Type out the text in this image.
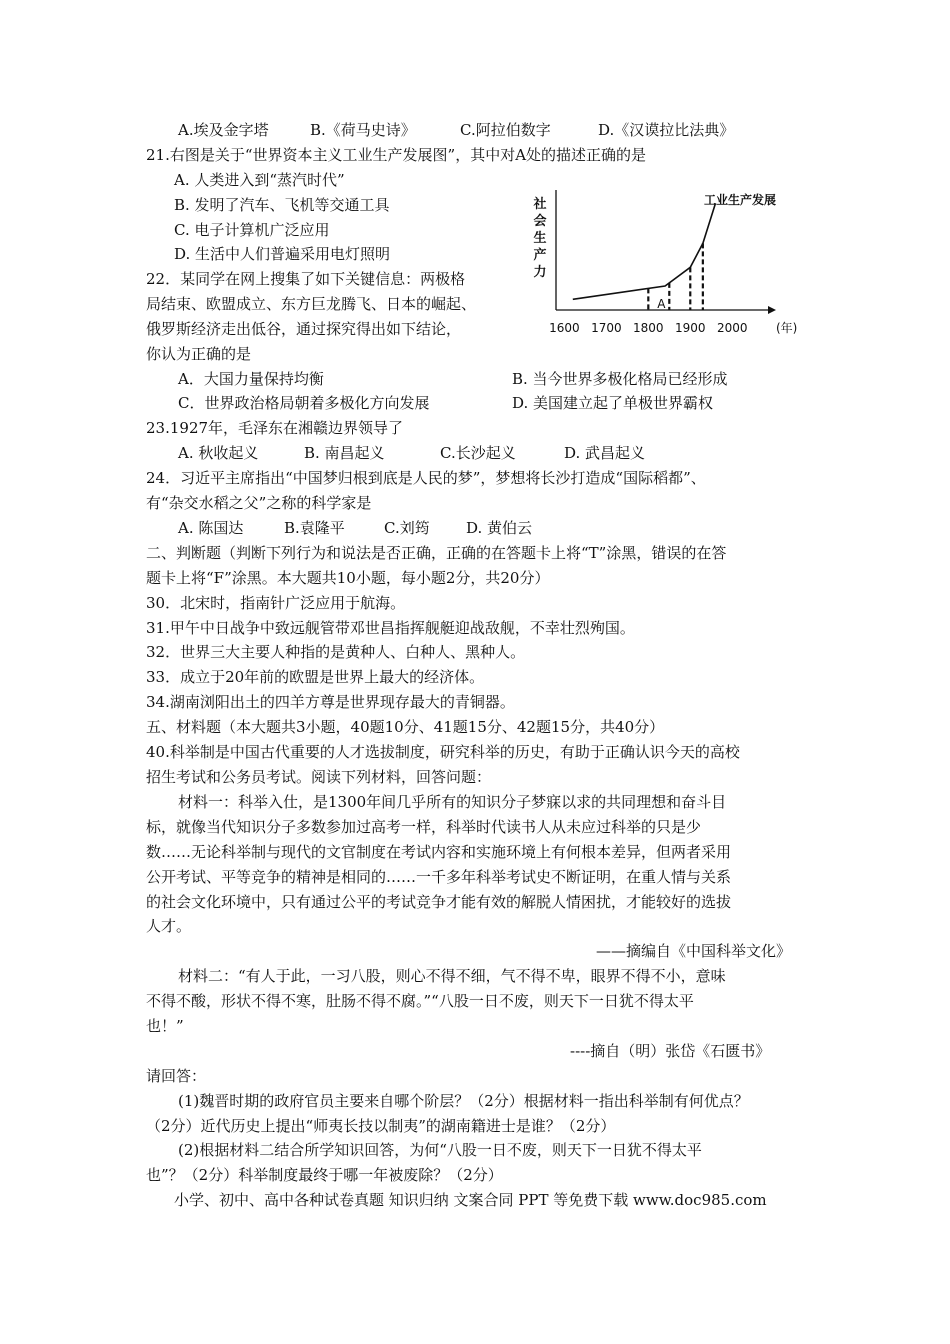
A.埃及金字塔	B.《荷马史诗》	C.阿拉伯数字	D.《汉谟拉比法典》
21.右图是关于“世界资本主义工业生产发展图”，其中对A处的描述正确的是
A. 人类进入到“蒸汽时代”
B. 发明了汽车、飞机等交通工具
C. 电子计算机广泛应用
D. 生活中人们普遍采用电灯照明
社
会
生
产
力
工业生产发展
A
1600 1700 1800 1900 2000 (年)
22．某同学在网上搜集了如下关键信息：两极格
局结束、欧盟成立、东方巨龙腾飞、日本的崛起、
俄罗斯经济走出低谷，通过探究得出如下结论，
你认为正确的是
A．大国力量保持均衡	B. 当今世界多极化格局已经形成
C．世界政治格局朝着多极化方向发展	D. 美国建立起了单极世界霸权
23.1927年，毛泽东在湘赣边界领导了
A. 秋收起义	B. 南昌起义	C.长沙起义	D. 武昌起义
24．习近平主席指出“中国梦归根到底是人民的梦”，梦想将长沙打造成“国际稻都”、
有“杂交水稻之父”之称的科学家是
A. 陈国达	B.袁隆平	C.刘筠 D. 黄伯云
二、判断题（判断下列行为和说法是否正确，正确的在答题卡上将“T”涂黑，错误的在答
题卡上将“F”涂黑。本大题共10小题，每小题2分，共20分）
30．北宋时，指南针广泛应用于航海。
31.甲午中日战争中致远舰管带邓世昌指挥舰艇迎战敌舰，不幸壮烈殉国。
32．世界三大主要人种指的是黄种人、白种人、黑种人。
33．成立于20年前的欧盟是世界上最大的经济体。
34.湖南浏阳出土的四羊方尊是世界现存最大的青铜器。
五、材料题（本大题共3小题，40题10分、41题15分、42题15分，共40分）
40.科举制是中国古代重要的人才选拔制度，研究科举的历史，有助于正确认识今天的高校
招生考试和公务员考试。阅读下列材料，回答问题：
材料一：科举入仕，是1300年间几乎所有的知识分子梦寐以求的共同理想和奋斗目
标，就像当代知识分子多数参加过高考一样，科举时代读书人从未应过科举的只是少
数……无论科举制与现代的文官制度在考试内容和实施环境上有何根本差异，但两者采用
公开考试、平等竞争的精神是相同的……一千多年科举考试史不断证明，在重人情与关系
的社会文化环境中，只有通过公平的考试竞争才能有效的解脱人情困扰，才能较好的选拔
人才。
——摘编自《中国科举文化》
材料二：“有人于此，一习八股，则心不得不细，气不得不卑，眼界不得不小，意味
不得不酸，形状不得不寒，肚肠不得不腐。”“八股一日不废，则天下一日犹不得太平
也！”
----摘自（明）张岱《石匮书》
请回答：
(1)魏晋时期的政府官员主要来自哪个阶层？（2分）根据材料一指出科举制有何优点？
（2分）近代历史上提出“师夷长技以制夷”的湖南籍进士是谁？（2分）
(2)根据材料二结合所学知识回答，为何“八股一日不废，则天下一日犹不得太平
也”？（2分）科举制度最终于哪一年被废除？（2分）
小学、初中、高中各种试卷真题 知识归纳 文案合同 PPT 等免费下载 www.doc985.com
